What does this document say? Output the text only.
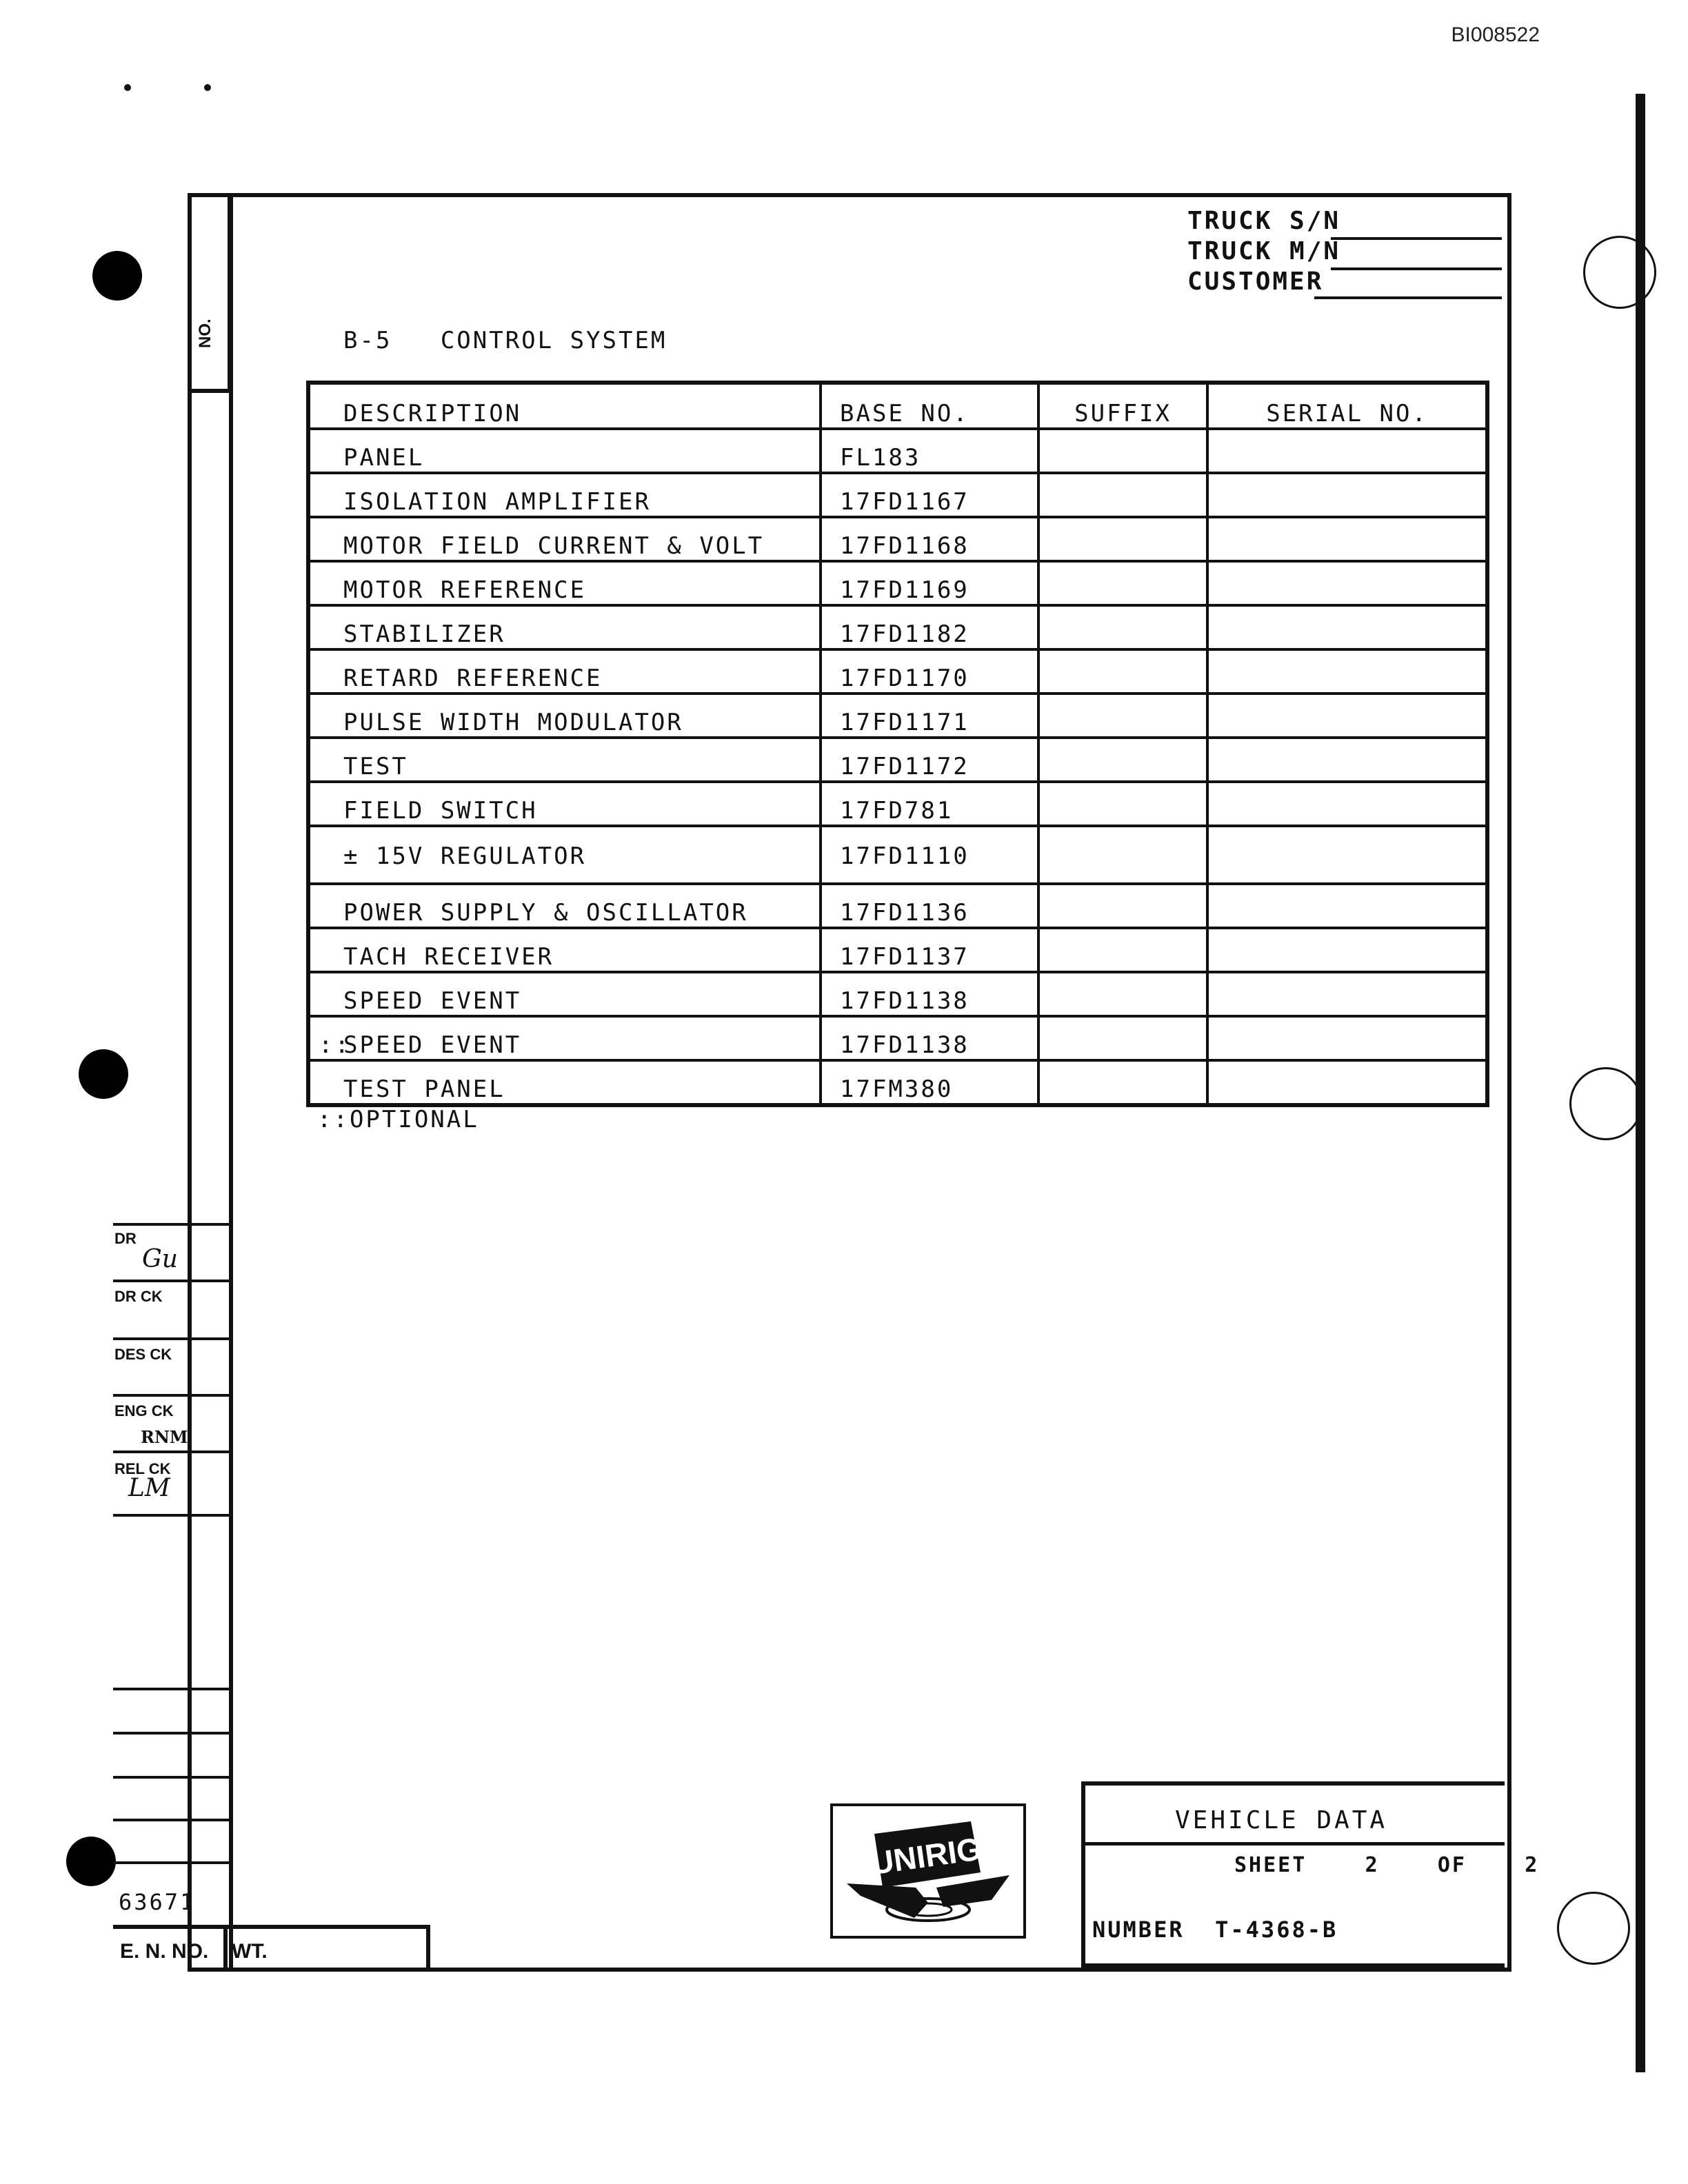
BI008522
NO.
TRUCK S/N
TRUCK M/N
CUSTOMER
B-5   CONTROL SYSTEM
DESCRIPTION	BASE NO.	SUFFIX	SERIAL NO.
PANEL	FL183		
ISOLATION AMPLIFIER	17FD1167		
MOTOR FIELD CURRENT & VOLT	17FD1168		
MOTOR REFERENCE	17FD1169		
STABILIZER	17FD1182		
RETARD REFERENCE	17FD1170		
PULSE WIDTH MODULATOR	17FD1171		
TEST	17FD1172		
FIELD SWITCH	17FD781		
± 15V REGULATOR	17FD1110		
POWER SUPPLY & OSCILLATOR	17FD1136		
TACH RECEIVER	17FD1137		
SPEED EVENT	17FD1138		
::SPEED EVENT	17FD1138		
TEST PANEL	17FM380		
::OPTIONAL
DR
Gu
DR CK
DES CK
ENG CK
RNM
REL CK
LM
63671
E. N. NO. WT.
UNIRIG
VEHICLE DATA
SHEET	2	OF	2
NUMBER T-4368-B
